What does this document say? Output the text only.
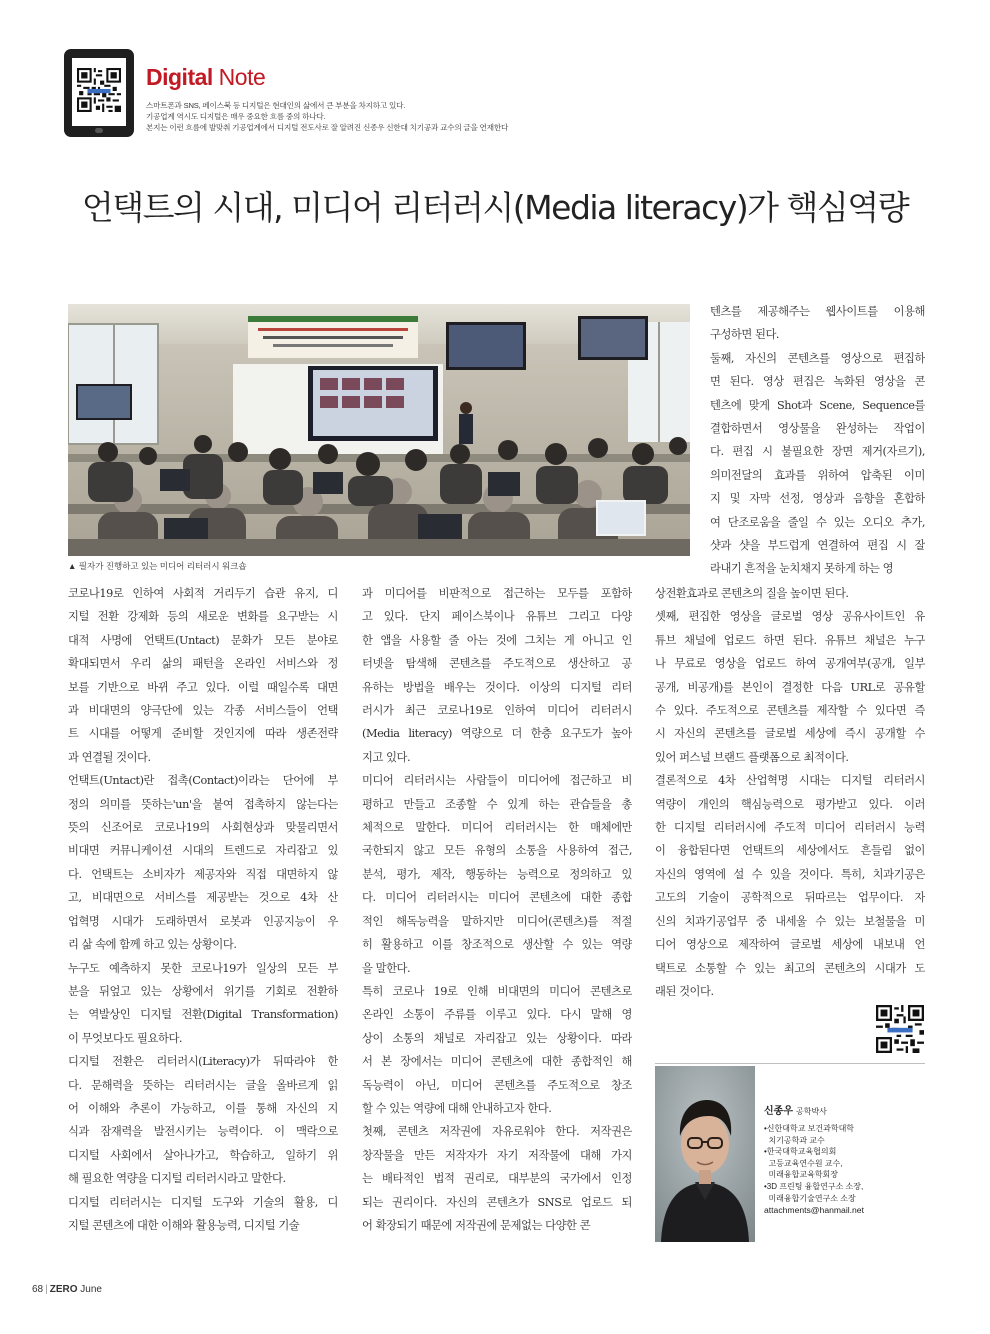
Digital Note
스마트폰과 SNS, 페이스북 등 디지털은 현대인의 삶에서 큰 부분을 차지하고 있다.
기공업계 역시도 디지털은 매우 중요한 흐름 중의 하나다.
본지는 이런 흐름에 발맞춰 기공업계에서 디지털 전도사로 잘 알려진 신종우 신한대 치기공과 교수의 글을 연재한다
언택트의 시대, 미디어 리터러시(Media literacy)가 핵심역량
▲ 필자가 진행하고 있는 미디어 리터러시 워크숍

코로나19로 인하여 사회적 거리두기 습관 유지, 디
지털 전환 강제화 등의 새로운 변화를 요구받는 시
대적 사명에 언택트(Untact) 문화가 모든 분야로
확대되면서 우리 삶의 패턴을 온라인 서비스와 정
보를 기반으로 바뀌 주고 있다. 이럴 때일수록 대면
과 비대면의 양극단에 있는 각종 서비스들이 언택
트 시대를 어떻게 준비할 것인지에 따라 생존전략
과 연결될 것이다.

언택트(Untact)란 접촉(Contact)이라는 단어에 부
정의 의미를 뜻하는'un'을 붙여 접촉하지 않는다는
뜻의 신조어로 코로나19의 사회현상과 맞물리면서
비대면 커뮤니케이션 시대의 트렌드로 자리잡고 있
다. 언택트는 소비자가 제공자와 직접 대면하지 않
고, 비대면으로 서비스를 제공받는 것으로 4차 산
업혁명 시대가 도래하면서 로봇과 인공지능이 우
리 삶 속에 함께 하고 있는 상황이다.

누구도 예측하지 못한 코로나19가 일상의 모든 부
분을 뒤엎고 있는 상황에서 위기를 기회로 전환하
는 역발상인 디지털 전환(Digital Transformation)
이 무엇보다도 필요하다.

디지털 전환은 리터러시(Literacy)가 뒤따라야 한
다. 문해력을 뜻하는 리터러시는 글을 올바르게 읽
어 이해와 추론이 가능하고, 이를 통해 자신의 지
식과 잠재력을 발전시키는 능력이다. 이 맥락으로
디지털 사회에서 살아나가고, 학습하고, 일하기 위
해 필요한 역량을 디지털 리터러시라고 말한다.

디지털 리터러시는 디지털 도구와 기술의 활용, 디
지털 콘텐츠에 대한 이해와 활용능력, 디지털 기술

과 미디어를 비판적으로 접근하는 모두를 포함하
고 있다. 단지 페이스북이나 유튜브 그리고 다양
한 앱을 사용할 줄 아는 것에 그치는 게 아니고 인
터넷을 탐색해 콘텐츠를 주도적으로 생산하고 공
유하는 방법을 배우는 것이다. 이상의 디지털 리터
러시가 최근 코로나19로 인하여 미디어 리터러시
(Media literacy) 역량으로 더 한층 요구도가 높아
지고 있다.

미디어 리터러시는 사람들이 미디어에 접근하고 비
평하고 만들고 조종할 수 있게 하는 관습들을 총
체적으로 말한다. 미디어 리터러시는 한 매체에만
국한되지 않고 모든 유형의 소통을 사용하여 접근,
분석, 평가, 제작, 행동하는 능력으로 정의하고 있
다. 미디어 리터러시는 미디어 콘텐츠에 대한 종합
적인 해독능력을 말하지만 미디어(콘텐츠)를 적절
히 활용하고 이를 창조적으로 생산할 수 있는 역량
을 말한다.

특히 코로나 19로 인해 비대면의 미디어 콘텐츠로
온라인 소통이 주류를 이루고 있다. 다시 말해 영
상이 소통의 채널로 자리잡고 있는 상황이다. 따라
서 본 장에서는 미디어 콘텐츠에 대한 종합적인 해
독능력이 아닌, 미디어 콘텐츠를 주도적으로 창조
할 수 있는 역량에 대해 안내하고자 한다.

첫째, 콘텐츠 저작권에 자유로워야 한다. 저작권은
창작물을 만든 저작자가 자기 저작물에 대해 가지
는 배타적인 법적 권리로, 대부분의 국가에서 인정
되는 권리이다. 자신의 콘텐츠가 SNS로 업로드 되
어 확장되기 때문에 저작권에 문제없는 다양한 콘

텐츠를 제공해주는 웹사이트를 이용해
구성하면 된다.

둘째, 자신의 콘텐츠를 영상으로 편집하
면 된다. 영상 편집은 녹화된 영상을 콘
텐츠에 맞게 Shot과 Scene, Sequence를
결합하면서 영상물을 완성하는 작업이
다. 편집 시 불필요한 장면 제거(자르기),
의미전달의 효과를 위하여 압축된 이미
지 및 자막 선정, 영상과 음향을 혼합하
여 단조로움을 줄일 수 있는 오디오 추가,
샷과 샷을 부드럽게 연결하여 편집 시 잘
라내기 흔적을 눈치채지 못하게 하는 영

상전환효과로 콘텐츠의 질을 높이면 된다.

셋째, 편집한 영상을 글로벌 영상 공유사이트인 유
튜브 채널에 업로드 하면 된다. 유튜브 채널은 누구
나 무료로 영상을 업로드 하여 공개여부(공개, 일부
공개, 비공개)를 본인이 결정한 다음 URL로 공유할
수 있다. 주도적으로 콘텐츠를 제작할 수 있다면 즉
시 자신의 콘텐츠를 글로벌 세상에 즉시 공개할 수
있어 퍼스널 브랜드 플랫폼으로 최적이다.

결론적으로 4차 산업혁명 시대는 디지털 리터러시
역량이 개인의 핵심능력으로 평가받고 있다. 이러
한 디지털 리터러시에 주도적 미디어 리터러시 능력
이 융합된다면 언택트의 세상에서도 흔들림 없이
자신의 영역에 설 수 있을 것이다. 특히, 치과기공은
고도의 기술이 공학적으로 뒤따르는 업무이다. 자
신의 치과기공업무 중 내세울 수 있는 보철물을 미
디어 영상으로 제작하여 글로벌 세상에 내보내 언
택트로 소통할 수 있는 최고의 콘텐츠의 시대가 도
래된 것이다.

신종우 공학박사
•신한대학교 보건과학대학
치기공학과 교수
•한국대학교육협의회
고등교육연수원 교수,
미래융합교육학회장
•3D 프린팅 융합연구소 소장,
미래융합기술연구소 소장
attachments@hanmail.net
68 | ZERO June
